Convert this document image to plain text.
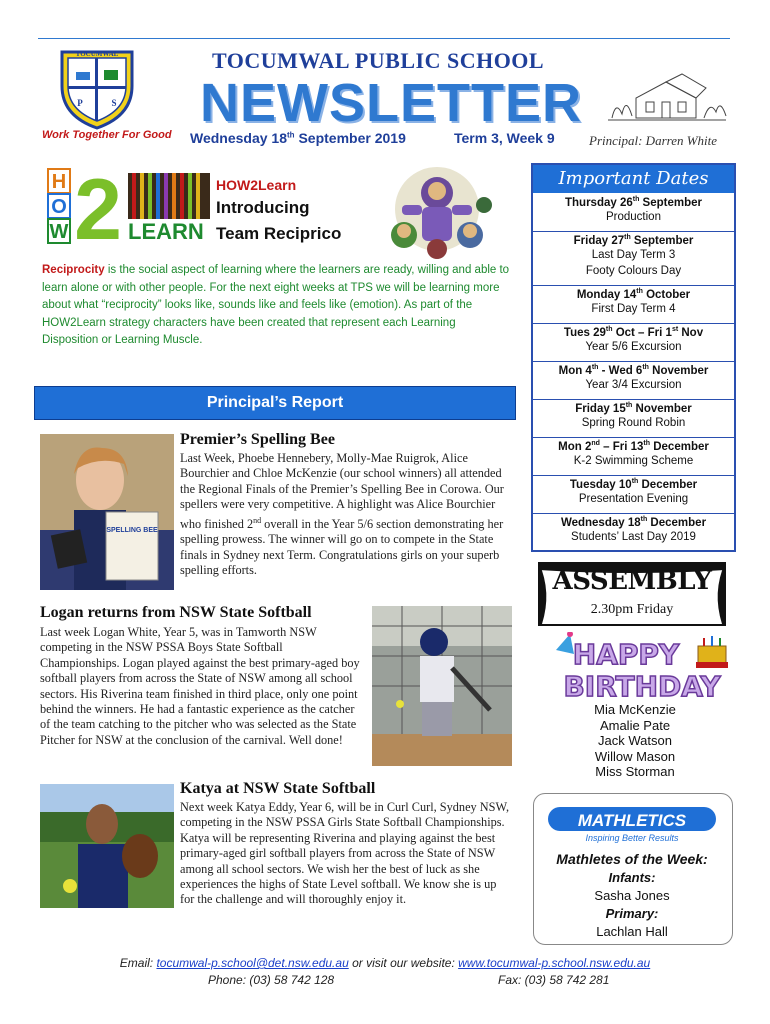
TOCUMWAL
P	S
Work Together For Good
TOCUMWAL PUBLIC SCHOOL
NEWSLETTER
Wednesday 18th September 2019	Term 3, Week 9	Principal: Darren White
H
O
W 2 LEARN
HOW2Learn
Introducing
Team Reciprico
Reciprocity is the social aspect of learning where the learners are ready, willing and able to learn alone or with other people. For the next eight weeks at TPS we will be learning more about what “reciprocity” looks like, sounds like and feels like (emotion). As part of the HOW2Learn strategy characters have been created that represent each Learning Disposition or Learning Muscle.
Principal’s Report
SPELLING BEE
Premier’s Spelling Bee
Last Week, Phoebe Hennebery, Molly-Mae Ruigrok, Alice Bourchier and Chloe McKenzie (our school winners) all attended the Regional Finals of the Premier’s Spelling Bee in Corowa. Our spellers were very competitive. A highlight was Alice Bourchier who finished 2nd overall in the Year 5/6 section demonstrating her spelling prowess. The winner will go on to compete in the State finals in Sydney next Term. Congratulations girls on your superb spelling efforts.
Logan returns from NSW State Softball
Last week Logan White, Year 5, was in Tamworth NSW competing in the NSW PSSA Boys State Softball Championships. Logan played against the best primary-aged boy softball players from across the State of NSW among all school sectors. His Riverina team finished in third place, only one point behind the winners. He had a fantastic experience as the catcher of the team catching to the pitcher who was selected as the State Pitcher for NSW at the conclusion of the carnival. Well done!
Katya at NSW State Softball
Next week Katya Eddy, Year 6, will be in Curl Curl, Sydney NSW, competing in the NSW PSSA Girls State Softball Championships. Katya will be representing Riverina and playing against the best primary-aged girl softball players from across the State of NSW among all school sectors. We wish her the best of luck as she experiences the highs of State Level softball. We know she is up for the challenge and will thoroughly enjoy it.
Important Dates
Thursday 26th September
Production
Friday 27th September
Last Day Term 3
Footy Colours Day
Monday 14th October
First Day Term 4
Tues 29th Oct – Fri 1st Nov
Year 5/6 Excursion
Mon 4th - Wed 6th November
Year 3/4 Excursion
Friday 15th November
Spring Round Robin
Mon 2nd – Fri 13th December
K-2 Swimming Scheme
Tuesday 10th December
Presentation Evening
Wednesday 18th December
Students’ Last Day 2019
ASSEMBLY
2.30pm Friday
HAPPY
BIRTHDAY
Mia McKenzie
Amalie Pate
Jack Watson
Willow Mason
Miss Storman
MATHLETICS
Inspiring Better Results
Mathletes of the Week:
Infants:
Sasha Jones
Primary:
Lachlan Hall
Email: tocumwal-p.school@det.nsw.edu.au or visit our website: www.tocumwal-p.school.nsw.edu.au
Phone: (03) 58 742 128	Fax: (03) 58 742 281
